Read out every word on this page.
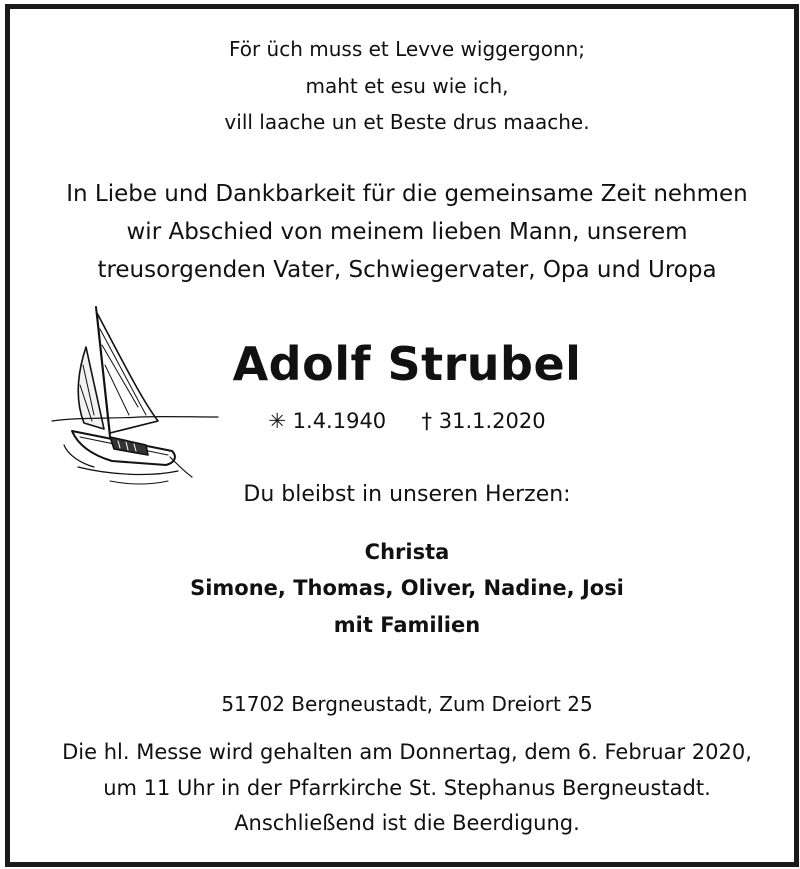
För üch muss et Levve wiggergonn;
maht et esu wie ich,
vill laache un et Beste drus maache.
In Liebe und Dankbarkeit für die gemeinsame Zeit nehmen
wir Abschied von meinem lieben Mann, unserem
treusorgenden Vater, Schwiegervater, Opa und Uropa
Adolf Strubel
✳ 1.4.1940 † 31.1.2020
Du bleibst in unseren Herzen:
Christa
Simone, Thomas, Oliver, Nadine, Josi
mit Familien
51702 Bergneustadt, Zum Dreiort 25
Die hl. Messe wird gehalten am Donnertag, dem 6. Februar 2020,
um 11 Uhr in der Pfarrkirche St. Stephanus Bergneustadt.
Anschließend ist die Beerdigung.
